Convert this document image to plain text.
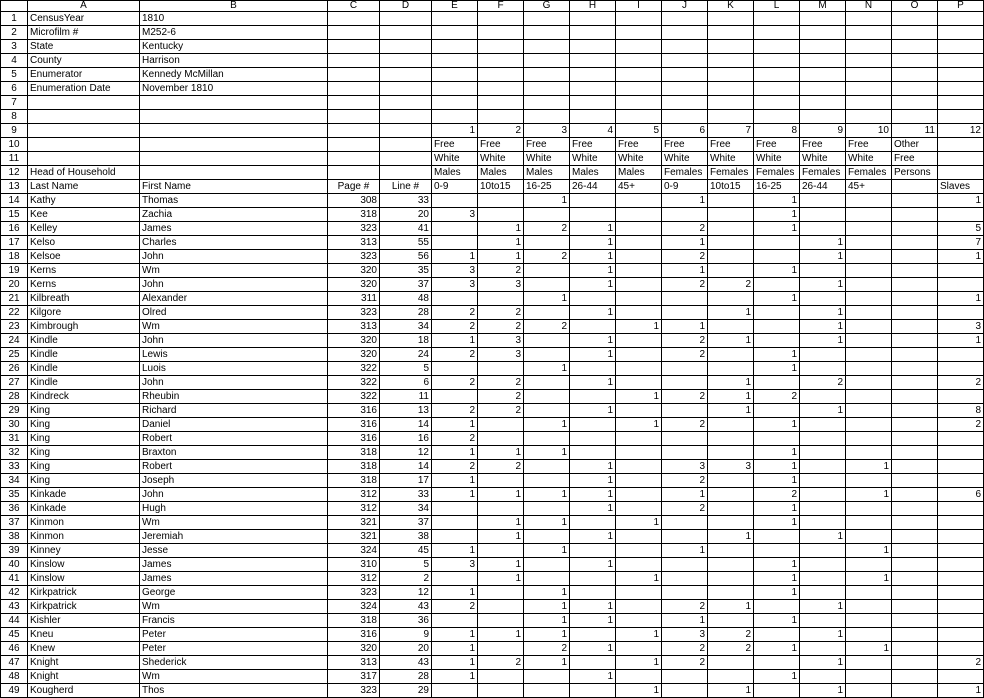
	A	B	C	D	E	F	G	H	I	J	K	L	M	N	O	P
1	CensusYear	1810														
2	Microfilm #	M252-6														
3	State	Kentucky														
4	County	Harrison														
5	Enumerator	Kennedy McMillan														
6	Enumeration Date	November 1810														
7																
8																
9					1	2	3	4	5	6	7	8	9	10	11	12
10					Free	Free	Free	Free	Free	Free	Free	Free	Free	Free	Other	
11					White	White	White	White	White	White	White	White	White	White	Free	
12	Head of Household				Males	Males	Males	Males	Males	Females	Females	Females	Females	Females	Persons	
13	Last Name	First Name	Page #	Line #	0-9	10to15	16-25	26-44	45+	0-9	10to15	16-25	26-44	45+		Slaves
14	Kathy	Thomas	308	33			1			1		1				1
15	Kee	Zachia	318	20	3							1				
16	Kelley	James	323	41		1	2	1		2		1				5
17	Kelso	Charles	313	55		1		1		1			1			7
18	Kelsoe	John	323	56	1	1	2	1		2			1			1
19	Kerns	Wm	320	35	3	2		1		1		1				
20	Kerns	John	320	37	3	3		1		2	2		1			
21	Kilbreath	Alexander	311	48			1					1				1
22	Kilgore	Olred	323	28	2	2		1			1		1			
23	Kimbrough	Wm	313	34	2	2	2		1	1			1			3
24	Kindle	John	320	18	1	3		1		2	1		1			1
25	Kindle	Lewis	320	24	2	3		1		2		1				
26	Kindle	Luois	322	5			1					1				
27	Kindle	John	322	6	2	2		1			1		2			2
28	Kindreck	Rheubin	322	11		2			1	2	1	2				
29	King	Richard	316	13	2	2		1			1		1			8
30	King	Daniel	316	14	1		1		1	2		1				2
31	King	Robert	316	16	2											
32	King	Braxton	318	12	1	1	1					1				
33	King	Robert	318	14	2	2		1		3	3	1		1		
34	King	Joseph	318	17	1			1		2		1				
35	Kinkade	John	312	33	1	1	1	1		1		2		1		6
36	Kinkade	Hugh	312	34				1		2		1				
37	Kinmon	Wm	321	37		1	1		1			1				
38	Kinmon	Jeremiah	321	38		1		1			1		1			
39	Kinney	Jesse	324	45	1		1			1				1		
40	Kinslow	James	310	5	3	1		1				1				
41	Kinslow	James	312	2		1			1			1		1		
42	Kirkpatrick	George	323	12	1		1					1				
43	Kirkpatrick	Wm	324	43	2		1	1		2	1		1			
44	Kishler	Francis	318	36			1	1		1		1				
45	Kneu	Peter	316	9	1	1	1		1	3	2		1			
46	Knew	Peter	320	20	1		2	1		2	2	1		1		
47	Knight	Shederick	313	43	1	2	1		1	2			1			2
48	Knight	Wm	317	28	1			1				1				
49	Kougherd	Thos	323	29					1		1		1			1
